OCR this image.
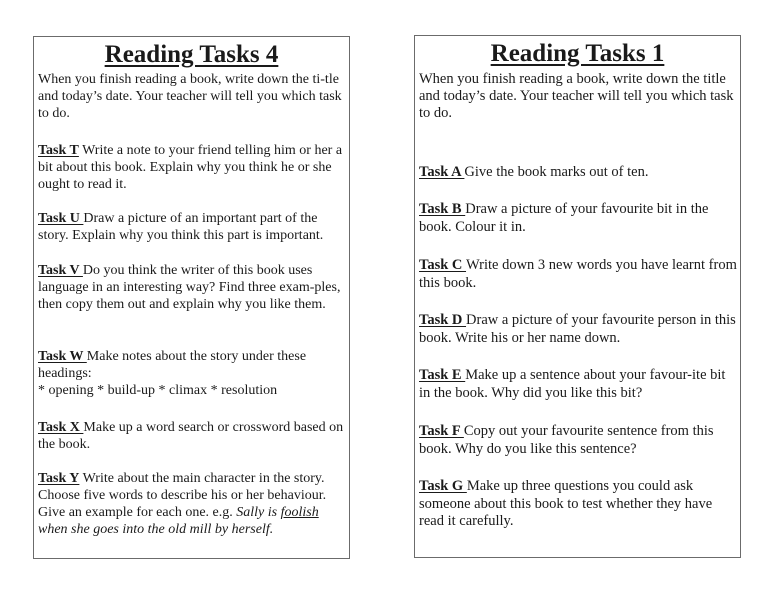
Reading Tasks 4

When you finish reading a book, write down the ti-tle and today’s date. Your teacher will tell you which task to do.

Task T Write a note to your friend telling him or her a bit about this book. Explain why you think he or she ought to read it.

Task U Draw a picture of an important part of the story. Explain why you think this part is important.

Task V Do you think the writer of this book uses language in an interesting way? Find three exam-ples, then copy them out and explain why you like them.

Task W Make notes about the story under these headings:
* opening * build-up * climax * resolution

Task X Make up a word search or crossword based on the book.

Task Y Write about the main character in the story. Choose five words to describe his or her behaviour. Give an example for each one. e.g. Sally is foolish when she goes into the old mill by herself.

Reading Tasks 1

When you finish reading a book, write down the title and today’s date. Your teacher will tell you which task to do.

Task A Give the book marks out of ten.

Task B Draw a picture of your favourite bit in the book. Colour it in.

Task C Write down 3 new words you have learnt from this book.

Task D Draw a picture of your favourite person in this book. Write his or her name down.

Task E Make up a sentence about your favour-ite bit in the book. Why did you like this bit?

Task F Copy out your favourite sentence from this book. Why do you like this sentence?

Task G Make up three questions you could ask someone about this book to test whether they have read it carefully.
